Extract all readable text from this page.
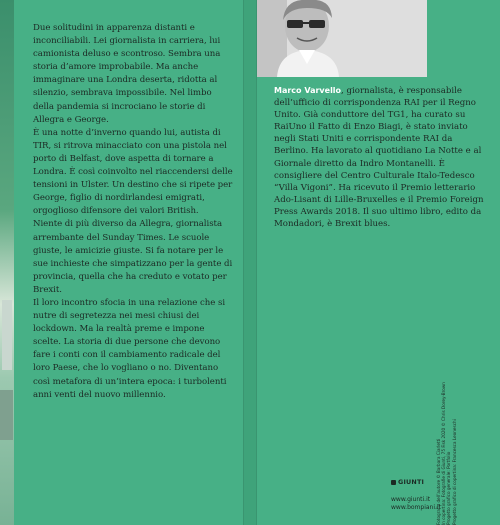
Due solitudini in apparenza distanti e inconciliabili. Lei giornalista in carriera, lui camionista deluso e scontroso. Sembra una storia d’amore improbabile. Ma anche immaginare una Londra deserta, ridotta al silenzio, sembrava impossibile. Nel limbo della pandemia si incrociano le storie di Allegra e George.

È una notte d’inverno quando lui, autista di TIR, si ritrova minacciato con una pistola nel porto di Belfast, dove aspetta di tornare a Londra. È così coinvolto nel riaccendersi delle tensioni in Ulster. Un destino che si ripete per George, figlio di nordirlandesi emigrati, orgoglioso difensore dei valori British.

Niente di più diverso da Allegra, giornalista arrembante del Sunday Times. Le scuole giuste, le amicizie giuste. Si fa notare per le sue inchieste che simpatizzano per la gente di provincia, quella che ha creduto e votato per Brexit.

Il loro incontro sfocia in una relazione che si nutre di segretezza nei mesi chiusi dei lockdown. Ma la realtà preme e impone scelte. La storia di due persone che devono fare i conti con il cambiamento radicale del loro Paese, che lo vogliano o no. Diventano così metafora di un’intera epoca: i turbolenti anni venti del nuovo millennio.

Marco Varvello, giornalista, è responsabile dell’ufficio di corrispondenza RAI per il Regno Unito. Già conduttore del TG1, ha curato su RaiUno il Fatto di Enzo Biagi, è stato inviato negli Stati Uniti e corrispondente RAI da Berlino. Ha lavorato al quotidiano La Notte e al Giornale diretto da Indro Montanelli. È consigliere del Centro Culturale Italo-Tedesco “Villa Vigoni”. Ha ricevuto il Premio letterario Ado-Lisant di Lille-Bruxelles e il Premio Foreign Press Awards 2018. Il suo ultimo libro, edito da Mondadori, è Brexit blues.

Fotografia dell’autore © Barbara Ciarletti In copertina: Fotografie di Giunti, 75 Fisk 2020 © Chris Dorey-Brown Progetto grafico generale: Portfolio Progetto grafico di copertina: Francesca Leoneschi
GIUNTI
www.giunti.it
www.bompiani.it
